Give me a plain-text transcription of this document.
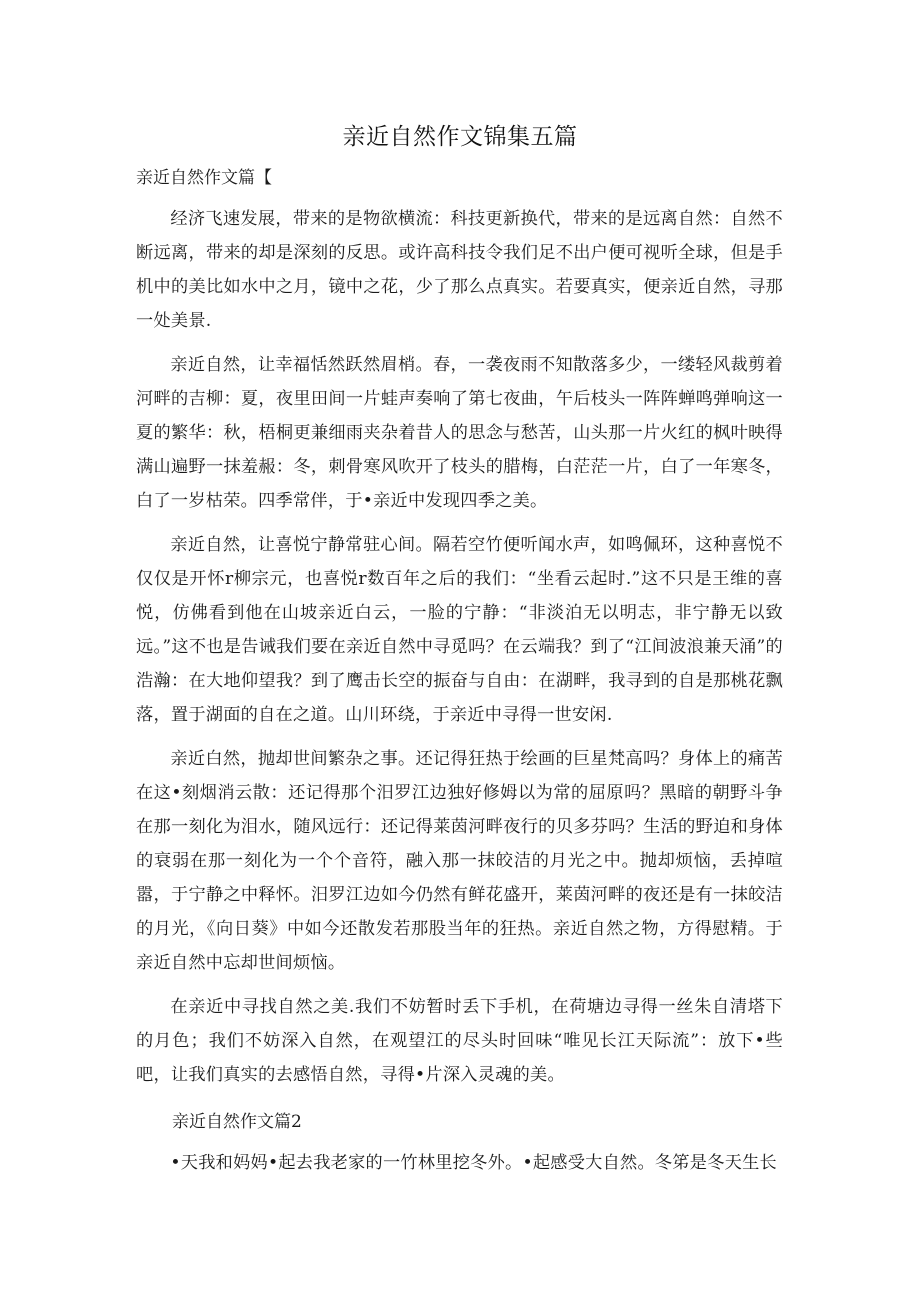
亲近自然作文锦集五篇

亲近自然作文篇【

经济飞速发展，带来的是物欲横流：科技更新换代，带来的是远离自然：自然不断远离，带来的却是深刻的反思。或许高科技令我们足不出户便可视听全球，但是手机中的美比如水中之月，镜中之花，少了那么点真实。若要真实，便亲近自然，寻那一处美景.

亲近自然，让幸福恬然跃然眉梢。春，一袭夜雨不知散落多少，一缕轻风裁剪着河畔的吉柳：夏，夜里田间一片蛙声奏响了第七夜曲，午后枝头一阵阵蝉鸣弹响这一夏的繁华：秋，梧桐更兼细雨夹杂着昔人的思念与愁苦，山头那一片火红的枫叶映得满山遍野一抹羞赧：冬，刺骨寒风吹开了枝头的腊梅，白茫茫一片，白了一年寒冬，白了一岁枯荣。四季常伴，于•亲近中发现四季之美。

亲近自然，让喜悦宁静常驻心间。隔若空竹便听闻水声，如鸣佩环，这种喜悦不仅仅是开怀r柳宗元，也喜悦r数百年之后的我们：“坐看云起时.”这不只是王维的喜悦，仿佛看到他在山坡亲近白云，一脸的宁静：“非淡泊无以明志，非宁静无以致远。”这不也是告诫我们要在亲近自然中寻觅吗？在云端我？到了“江间波浪兼天涌”的浩瀚：在大地仰望我？到了鹰击长空的振奋与自由：在湖畔，我寻到的自是那桃花飘落，置于湖面的自在之道。山川环绕，于亲近中寻得一世安闲.

亲近白然，抛却世间繁杂之事。还记得狂热于绘画的巨星梵高吗？身体上的痛苦在这•刻烟消云散：还记得那个汨罗江边独好修姆以为常的屈原吗？黑暗的朝野斗争在那一刻化为泪水，随风远行：还记得莱茵河畔夜行的贝多芬吗？生活的野迫和身体的衰弱在那一刻化为一个个音符，融入那一抹皎洁的月光之中。抛却烦恼，丢掉喧嚣，于宁静之中释怀。汨罗江边如今仍然有鲜花盛开，莱茵河畔的夜还是有一抹皎洁的月光，《向日葵》中如今还散发若那股当年的狂热。亲近自然之物，方得慰精。于亲近自然中忘却世间烦恼。

在亲近中寻找自然之美.我们不妨暂时丢下手机，在荷塘边寻得一丝朱自清塔下的月色；我们不妨深入自然，在观望江的尽头时回味“唯见长江天际流”：放下•些吧，让我们真实的去感悟自然，寻得•片深入灵魂的美。

亲近自然作文篇2

•天我和妈妈•起去我老家的一竹林里挖冬外。•起感受大自然。冬笫是冬天生长
